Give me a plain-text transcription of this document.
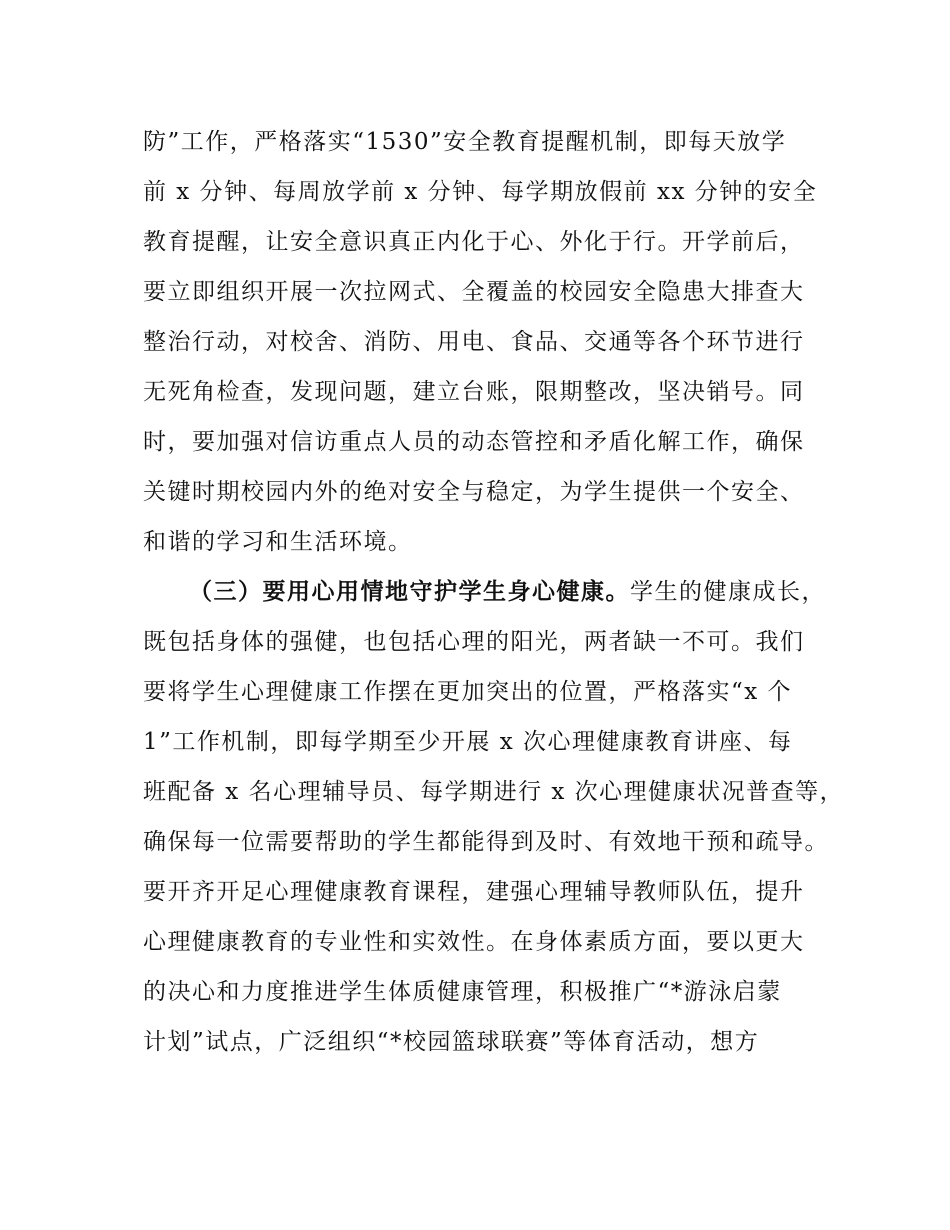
防”工作，严格落实“1530”安全教育提醒机制，即每天放学
前 x 分钟、每周放学前 x 分钟、每学期放假前 xx 分钟的安全
教育提醒，让安全意识真正内化于心、外化于行。开学前后，
要立即组织开展一次拉网式、全覆盖的校园安全隐患大排查大
整治行动，对校舍、消防、用电、食品、交通等各个环节进行
无死角检查，发现问题，建立台账，限期整改，坚决销号。同
时，要加强对信访重点人员的动态管控和矛盾化解工作，确保
关键时期校园内外的绝对安全与稳定，为学生提供一个安全、
和谐的学习和生活环境。
（三）要用心用情地守护学生身心健康。学生的健康成长，
既包括身体的强健，也包括心理的阳光，两者缺一不可。我们
要将学生心理健康工作摆在更加突出的位置，严格落实“x 个
1”工作机制，即每学期至少开展 x 次心理健康教育讲座、每
班配备 x 名心理辅导员、每学期进行 x 次心理健康状况普查等，
确保每一位需要帮助的学生都能得到及时、有效地干预和疏导。
要开齐开足心理健康教育课程，建强心理辅导教师队伍，提升
心理健康教育的专业性和实效性。在身体素质方面，要以更大
的决心和力度推进学生体质健康管理，积极推广“*游泳启蒙
计划”试点，广泛组织“*校园篮球联赛”等体育活动，想方
